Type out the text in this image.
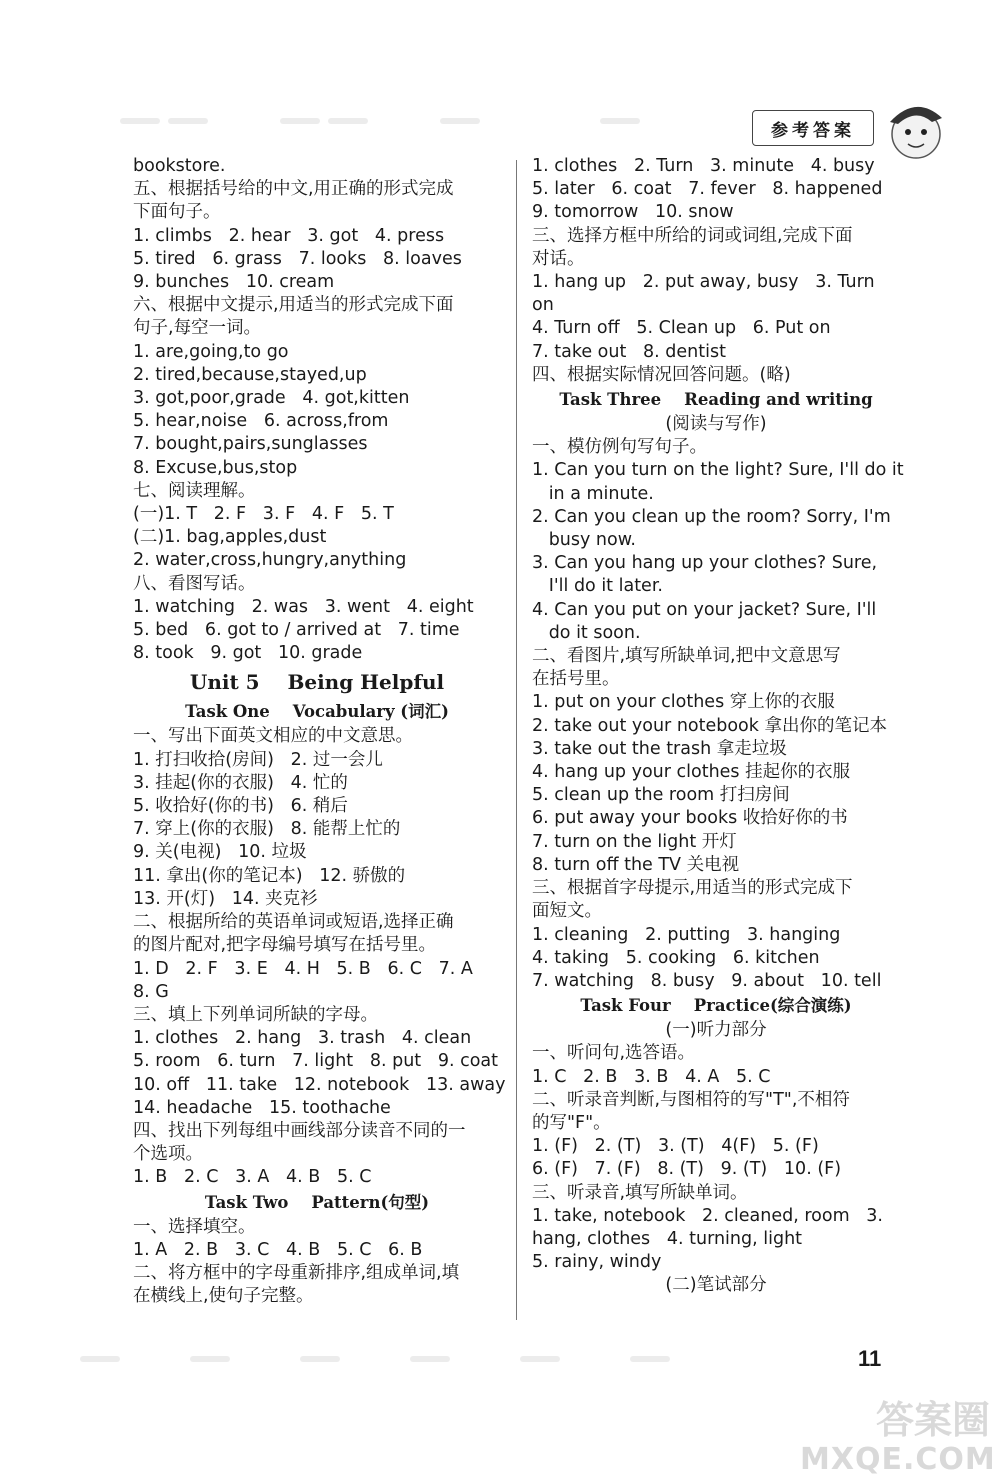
参考答案
bookstore.
五、根据括号给的中文,用正确的形式完成
下面句子。
1. climbs   2. hear   3. got   4. press
5. tired   6. grass   7. looks   8. loaves
9. bunches   10. cream
六、根据中文提示,用适当的形式完成下面
句子,每空一词。
1. are,going,to go
2. tired,because,stayed,up
3. got,poor,grade   4. got,kitten
5. hear,noise   6. across,from
7. bought,pairs,sunglasses
8. Excuse,bus,stop
七、阅读理解。
(一)1. T   2. F   3. F   4. F   5. T
(二)1. bag,apples,dust
2. water,cross,hungry,anything
八、看图写话。
1. watching   2. was   3. went   4. eight
5. bed   6. got to / arrived at   7. time
8. took   9. got   10. grade
Unit 5    Being Helpful
Task One    Vocabulary (词汇)
一、写出下面英文相应的中文意思。
1. 打扫收拾(房间)   2. 过一会儿
3. 挂起(你的衣服)   4. 忙的
5. 收拾好(你的书)   6. 稍后
7. 穿上(你的衣服)   8. 能帮上忙的
9. 关(电视)   10. 垃圾
11. 拿出(你的笔记本)   12. 骄傲的
13. 开(灯)   14. 夹克衫
二、根据所给的英语单词或短语,选择正确
的图片配对,把字母编号填写在括号里。
1. D   2. F   3. E   4. H   5. B   6. C   7. A
8. G
三、填上下列单词所缺的字母。
1. clothes   2. hang   3. trash   4. clean
5. room   6. turn   7. light   8. put   9. coat
10. off   11. take   12. notebook   13. away
14. headache   15. toothache
四、找出下列每组中画线部分读音不同的一
个选项。
1. B   2. C   3. A   4. B   5. C
Task Two    Pattern(句型)
一、选择填空。
1. A   2. B   3. C   4. B   5. C   6. B
二、将方框中的字母重新排序,组成单词,填
在横线上,使句子完整。
1. clothes   2. Turn   3. minute   4. busy
5. later   6. coat   7. fever   8. happened
9. tomorrow   10. snow
三、选择方框中所给的词或词组,完成下面
对话。
1. hang up   2. put away, busy   3. Turn
on
4. Turn off   5. Clean up   6. Put on
7. take out   8. dentist
四、根据实际情况回答问题。(略)
Task Three    Reading and writing
(阅读与写作)
一、模仿例句写句子。
1. Can you turn on the light? Sure, I'll do it
in a minute.
2. Can you clean up the room? Sorry, I'm
busy now.
3. Can you hang up your clothes? Sure,
I'll do it later.
4. Can you put on your jacket? Sure, I'll
do it soon.
二、看图片,填写所缺单词,把中文意思写
在括号里。
1. put on your clothes 穿上你的衣服
2. take out your notebook 拿出你的笔记本
3. take out the trash 拿走垃圾
4. hang up your clothes 挂起你的衣服
5. clean up the room 打扫房间
6. put away your books 收拾好你的书
7. turn on the light 开灯
8. turn off the TV 关电视
三、根据首字母提示,用适当的形式完成下
面短文。
1. cleaning   2. putting   3. hanging
4. taking   5. cooking   6. kitchen
7. watching   8. busy   9. about   10. tell
Task Four    Practice(综合演练)
(一)听力部分
一、听问句,选答语。
1. C   2. B   3. B   4. A   5. C
二、听录音判断,与图相符的写"T",不相符
的写"F"。
1. (F)   2. (T)   3. (T)   4(F)   5. (F)
6. (F)   7. (F)   8. (T)   9. (T)   10. (F)
三、听录音,填写所缺单词。
1. take, notebook   2. cleaned, room   3.
hang, clothes   4. turning, light
5. rainy, windy
(二)笔试部分
11
答案圈
MXQE.COM
